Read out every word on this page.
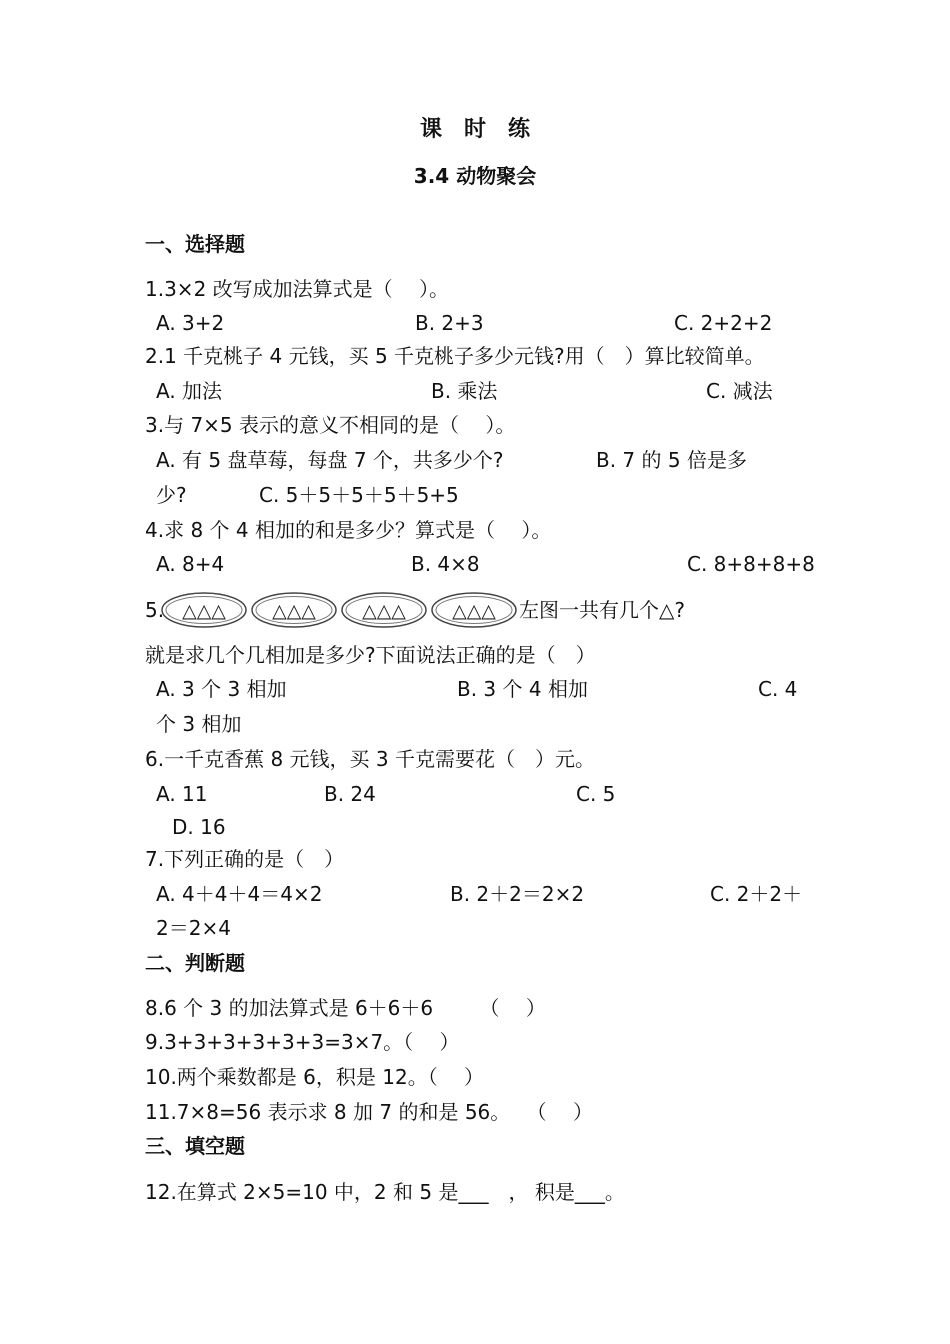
课　时　练
3.4 动物聚会
一、选择题
1.3×2 改写成加法算式是（　 ）。
A. 3+2	B. 2+3	C. 2+2+2
2.1 千克桃子 4 元钱，买 5 千克桃子多少元钱?用（　）算比较简单。
A. 加法	B. 乘法	C. 减法
3.与 7×5 表示的意义不相同的是（　 ）。
A. 有 5 盘草莓，每盘 7 个，共多少个?	B. 7 的 5 倍是多
少?	C. 5＋5＋5＋5＋5+5
4.求 8 个 4 相加的和是多少？算式是（　 ）。
A. 8+4	B. 4×8	C. 8+8+8+8
5. △△△ △△△ △△△ △△△ 左图一共有几个△?
就是求几个几相加是多少?下面说法正确的是（　）
A. 3 个 3 相加	B. 3 个 4 相加	C. 4
个 3 相加
6.一千克香蕉 8 元钱，买 3 千克需要花（　）元。
A. 11	B. 24	C. 5
D. 16
7.下列正确的是（　）
A. 4＋4＋4＝4×2	B. 2＋2＝2×2	C. 2＋2＋
2＝2×4
二、判断题
8.6 个 3 的加法算式是 6＋6＋6　　 （　 ）
9.3+3+3+3+3+3=3×7。（　 ）
10.两个乘数都是 6，积是 12。（　 ）
11.7×8=56 表示求 8 加 7 的和是 56。　 （　 ）
三、填空题
12.在算式 2×5=10 中，2 和 5 是___　， 积是___。
